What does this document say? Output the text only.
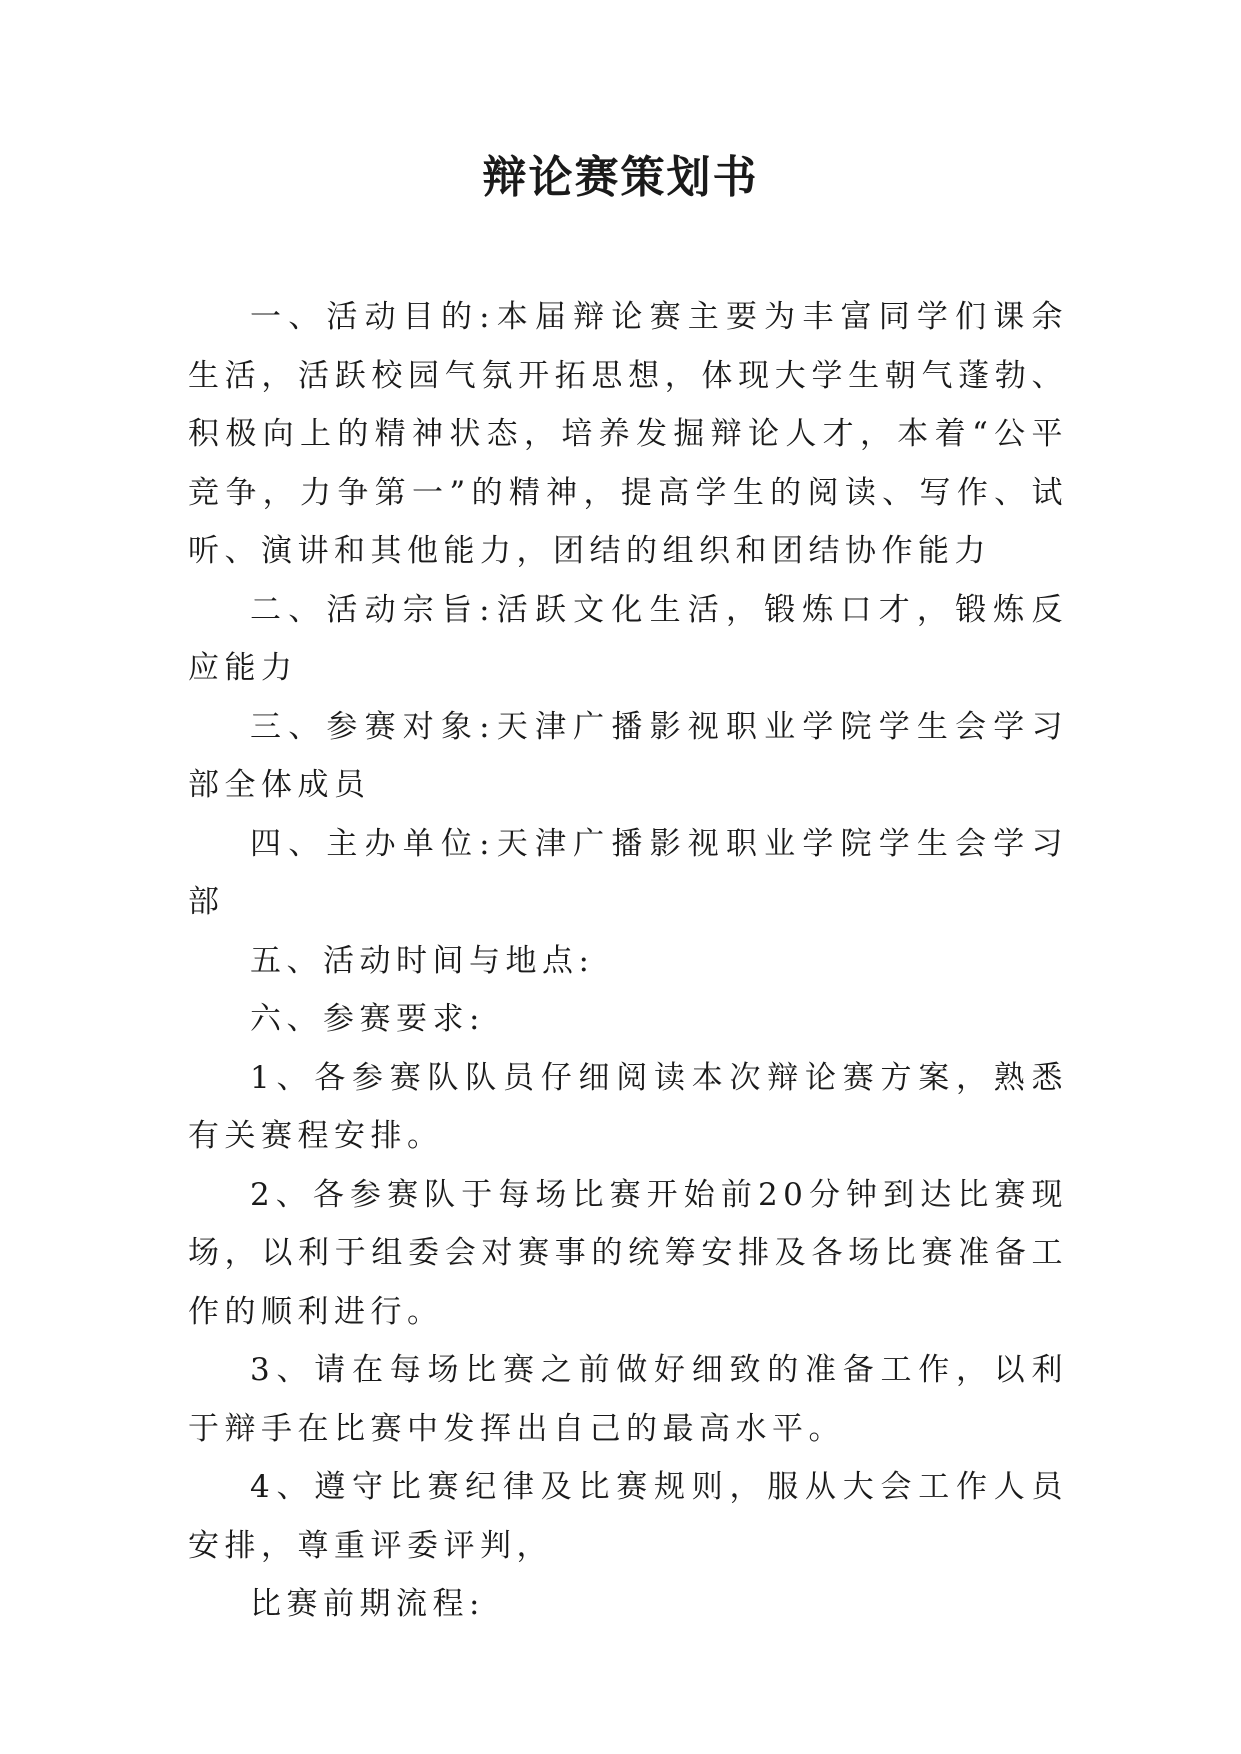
辩论赛策划书

一、活动目的:本届辩论赛主要为丰富同学们课余生活，活跃校园气氛开拓思想，体现大学生朝气蓬勃、积极向上的精神状态，培养发掘辩论人才，本着“公平竞争，力争第一”的精神，提高学生的阅读、写作、试听、演讲和其他能力，团结的组织和团结协作能力

二、活动宗旨:活跃文化生活，锻炼口才，锻炼反应能力

三、参赛对象:天津广播影视职业学院学生会学习部全体成员

四、主办单位:天津广播影视职业学院学生会学习部

五、活动时间与地点:

六、参赛要求:

1、各参赛队队员仔细阅读本次辩论赛方案，熟悉有关赛程安排。

2、各参赛队于每场比赛开始前20分钟到达比赛现场，以利于组委会对赛事的统筹安排及各场比赛准备工作的顺利进行。

3、请在每场比赛之前做好细致的准备工作，以利于辩手在比赛中发挥出自己的最高水平。

4、遵守比赛纪律及比赛规则，服从大会工作人员安排，尊重评委评判，

比赛前期流程:
